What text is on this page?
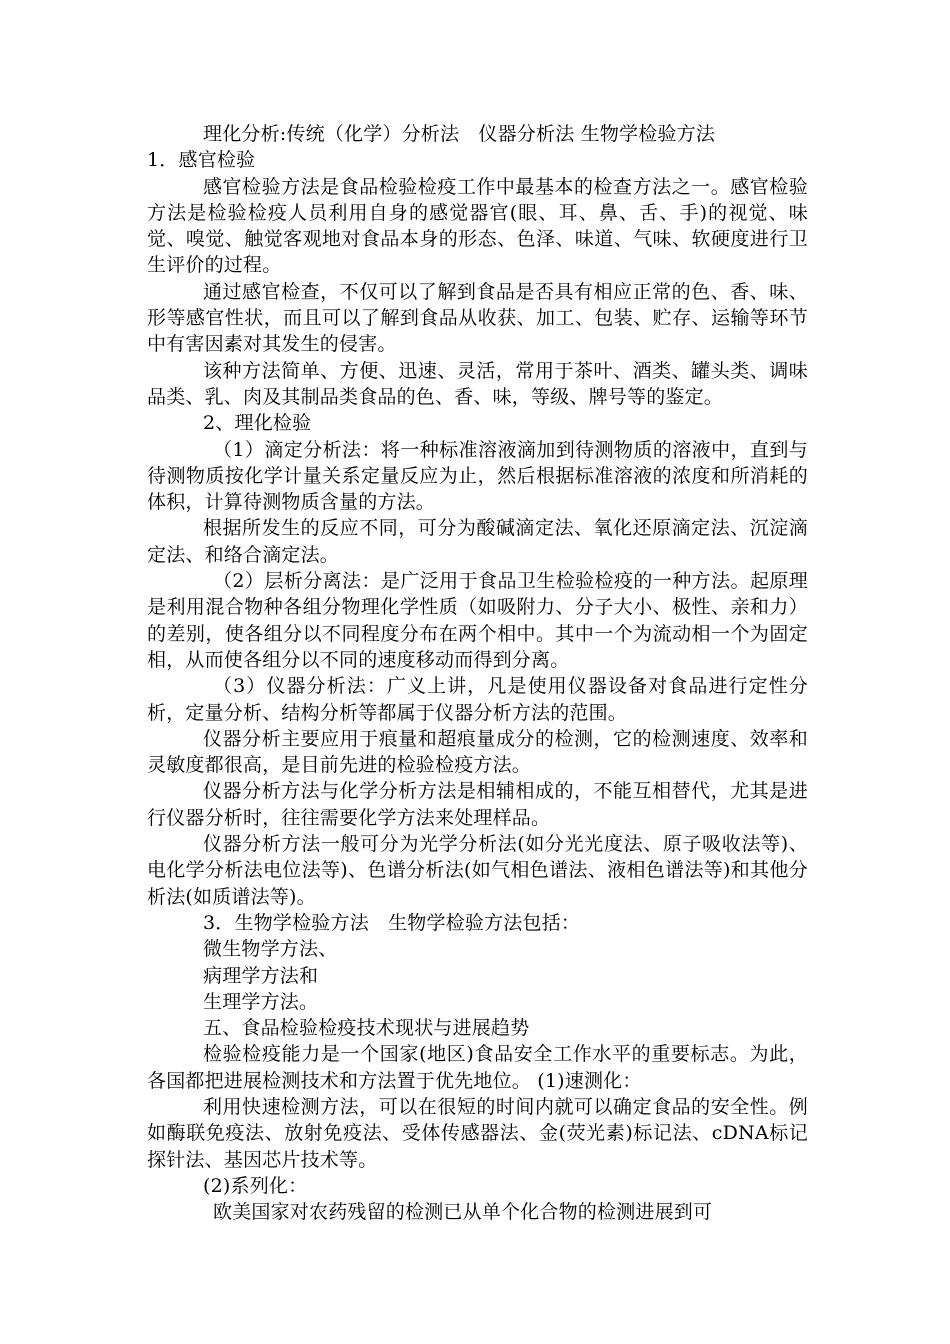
理化分析:传统（化学）分析法　仪器分析法 生物学检验方法

1．感官检验

感官检验方法是食品检验检疫工作中最基本的检查方法之一。感官检验方法是检验检疫人员利用自身的感觉器官(眼、耳、鼻、舌、手)的视觉、味觉、嗅觉、触觉客观地对食品本身的形态、色泽、味道、气味、软硬度进行卫生评价的过程。

通过感官检查，不仅可以了解到食品是否具有相应正常的色、香、味、形等感官性状，而且可以了解到食品从收获、加工、包装、贮存、运输等环节中有害因素对其发生的侵害。

该种方法简单、方便、迅速、灵活，常用于茶叶、酒类、罐头类、调味品类、乳、肉及其制品类食品的色、香、味，等级、牌号等的鉴定。

2、理化检验

（1）滴定分析法：将一种标准溶液滴加到待测物质的溶液中，直到与待测物质按化学计量关系定量反应为止，然后根据标准溶液的浓度和所消耗的体积，计算待测物质含量的方法。

根据所发生的反应不同，可分为酸碱滴定法、氧化还原滴定法、沉淀滴定法、和络合滴定法。

（2）层析分离法：是广泛用于食品卫生检验检疫的一种方法。起原理是利用混合物种各组分物理化学性质（如吸附力、分子大小、极性、亲和力）的差别，使各组分以不同程度分布在两个相中。其中一个为流动相一个为固定相，从而使各组分以不同的速度移动而得到分离。

（3）仪器分析法：广义上讲，凡是使用仪器设备对食品进行定性分析，定量分析、结构分析等都属于仪器分析方法的范围。

仪器分析主要应用于痕量和超痕量成分的检测，它的检测速度、效率和灵敏度都很高，是目前先进的检验检疫方法。

仪器分析方法与化学分析方法是相辅相成的，不能互相替代，尤其是进行仪器分析时，往往需要化学方法来处理样品。

仪器分析方法一般可分为光学分析法(如分光光度法、原子吸收法等)、电化学分析法电位法等)、色谱分析法(如气相色谱法、液相色谱法等)和其他分析法(如质谱法等)。

3．生物学检验方法　生物学检验方法包括：

微生物学方法、

病理学方法和

生理学方法。

五、食品检验检疫技术现状与进展趋势

检验检疫能力是一个国家(地区)食品安全工作水平的重要标志。为此，各国都把进展检测技术和方法置于优先地位。 (1)速测化：

利用快速检测方法，可以在很短的时间内就可以确定食品的安全性。例如酶联免疫法、放射免疫法、受体传感器法、金(荧光素)标记法、cDNA标记探针法、基因芯片技术等。

(2)系列化：

欧美国家对农药残留的检测已从单个化合物的检测进展到可
